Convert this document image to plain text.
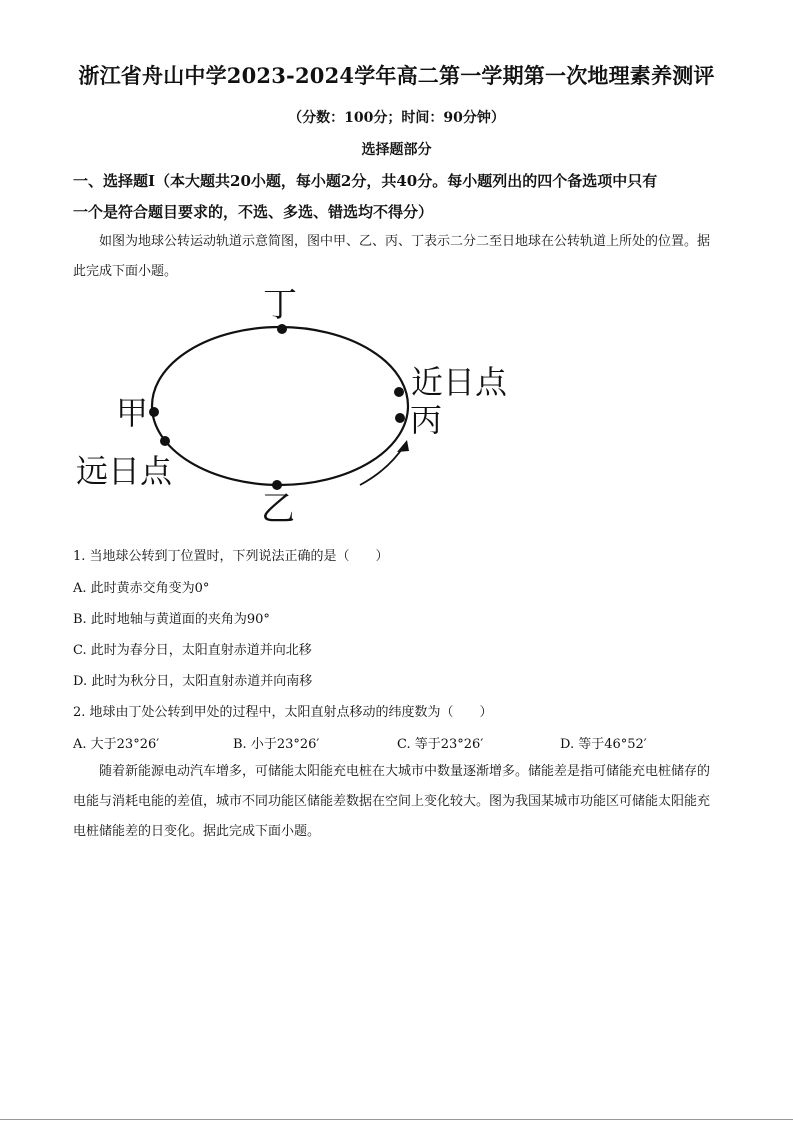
浙江省舟山中学2023-2024学年高二第一学期第一次地理素养测评
（分数：100分；时间：90分钟）
选择题部分
一、选择题Ⅰ（本大题共20小题，每小题2分，共40分。每小题列出的四个备选项中只有
一个是符合题目要求的，不选、多选、错选均不得分）

如图为地球公转运动轨道示意简图，图中甲、乙、丙、丁表示二分二至日地球在公转轨道上所处的位置。据此完成下面小题。

丁
甲
乙
丙
近日点
远日点
1. 当地球公转到丁位置时，下列说法正确的是（　　）
A. 此时黄赤交角变为0°
B. 此时地轴与黄道面的夹角为90°
C. 此时为春分日，太阳直射赤道并向北移
D. 此时为秋分日，太阳直射赤道并向南移
2. 地球由丁处公转到甲处的过程中，太阳直射点移动的纬度数为（　　）
A. 大于23°26′	B. 小于23°26′	C. 等于23°26′	D. 等于46°52′

随着新能源电动汽车增多，可储能太阳能充电桩在大城市中数量逐渐增多。储能差是指可储能充电桩储存的电能与消耗电能的差值，城市不同功能区储能差数据在空间上变化较大。图为我国某城市功能区可储能太阳能充电桩储能差的日变化。据此完成下面小题。
